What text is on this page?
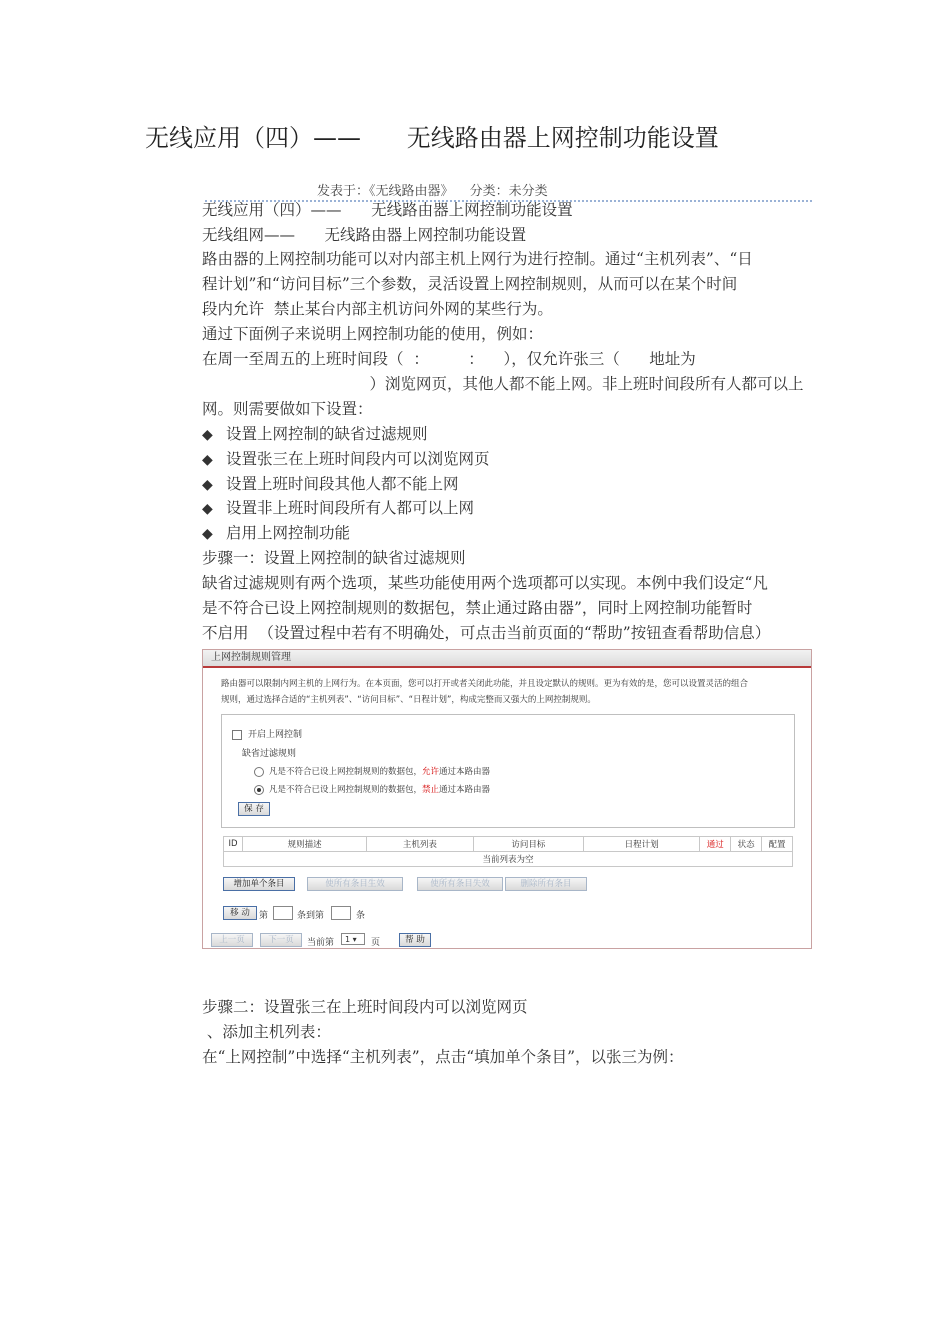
无线应用（四）——      无线路由器上网控制功能设置
发表于：《无线路由器》 分类：未分类
无线应用（四）——      无线路由器上网控制功能设置
无线组网——      无线路由器上网控制功能设置
路由器的上网控制功能可以对内部主机上网行为进行控制。通过“主机列表”、“日
程计划”和“访问目标”三个参数，灵活设置上网控制规则，从而可以在某个时间
段内允许  禁止某台内部主机访问外网的某些行为。
通过下面例子来说明上网控制功能的使用，例如：
在周一至周五的上班时间段（  ：        ：    ），仅允许张三（      地址为
）浏览网页，其他人都不能上网。非上班时间段所有人都可以上
网。则需要做如下设置：
◆ 设置上网控制的缺省过滤规则
◆ 设置张三在上班时间段内可以浏览网页
◆ 设置上班时间段其他人都不能上网
◆ 设置非上班时间段所有人都可以上网
◆ 启用上网控制功能
步骤一：设置上网控制的缺省过滤规则
缺省过滤规则有两个选项，某些功能使用两个选项都可以实现。本例中我们设定“凡
是不符合已设上网控制规则的数据包，禁止通过路由器”，同时上网控制功能暂时
不启用  （设置过程中若有不明确处，可点击当前页面的“帮助”按钮查看帮助信息）
上网控制规则管理
路由器可以限制内网主机的上网行为。在本页面，您可以打开或者关闭此功能，并且设定默认的规则。更为有效的是，您可以设置灵活的组合
规则，通过选择合适的“主机列表”、“访问目标”、“日程计划”，构成完整而又强大的上网控制规则。
开启上网控制
缺省过滤规则
凡是不符合已设上网控制规则的数据包，允许通过本路由器
凡是不符合已设上网控制规则的数据包，禁止通过本路由器
保 存
ID	规则描述	主机列表	访问目标	日程计划	通过	状态	配置
当前列表为空
增加单个条目	使所有条目生效	使所有条目失效	删除所有条目
移 动	第	条到第	条
上一页	下一页	当前第	1 ▾	页	帮 助
步骤二：设置张三在上班时间段内可以浏览网页
、添加主机列表：
在“上网控制”中选择“主机列表”，点击“填加单个条目”，以张三为例：
